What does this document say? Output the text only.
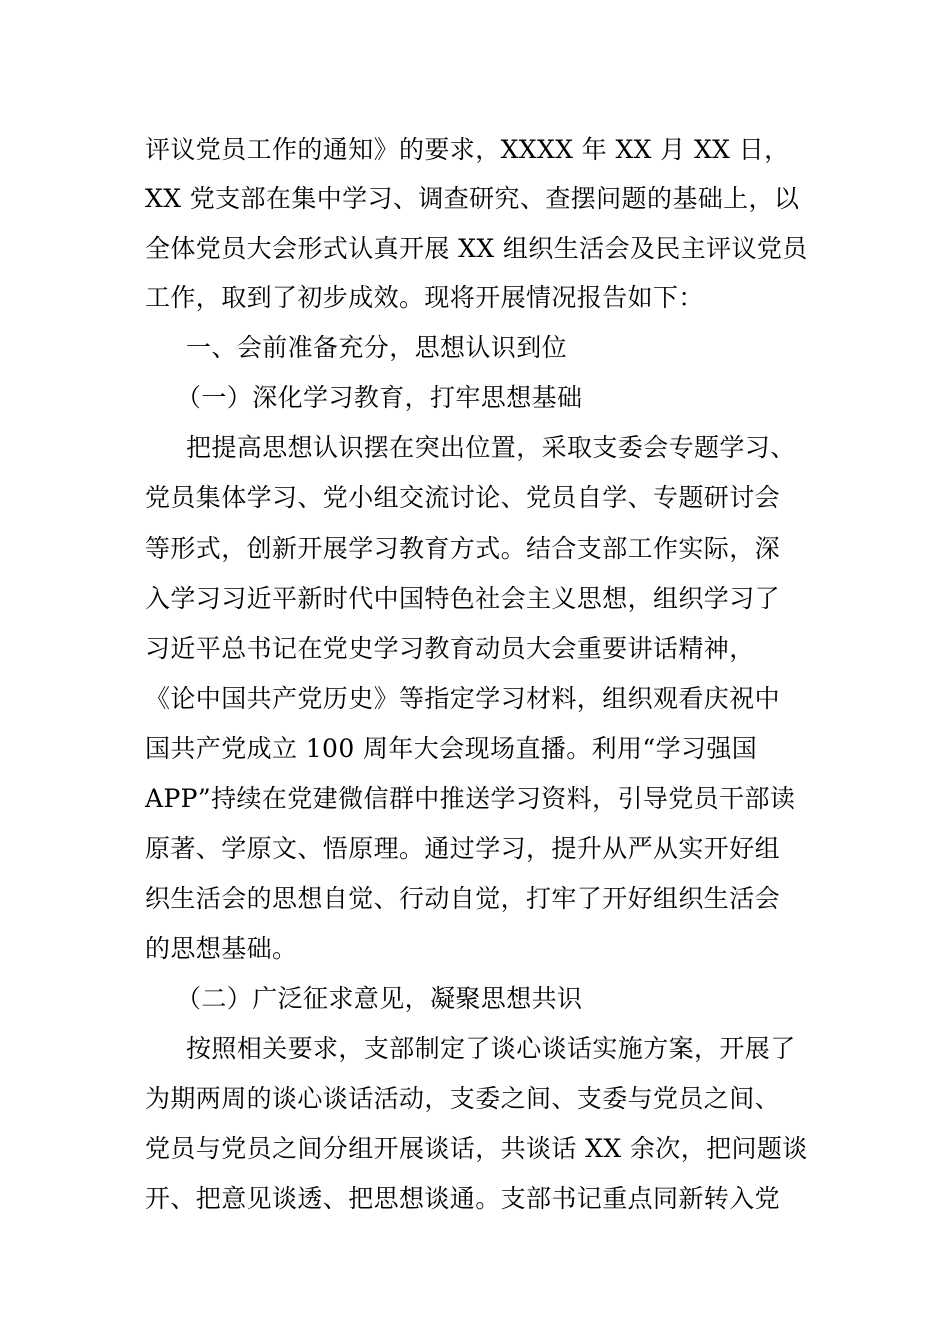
评议党员工作的通知》的要求，XXXX 年 XX 月 XX 日，
XX 党支部在集中学习、调查研究、查摆问题的基础上，以
全体党员大会形式认真开展 XX 组织生活会及民主评议党员
工作，取到了初步成效。现将开展情况报告如下：
一、会前准备充分，思想认识到位
（一）深化学习教育，打牢思想基础
把提高思想认识摆在突出位置，采取支委会专题学习、
党员集体学习、党小组交流讨论、党员自学、专题研讨会
等形式，创新开展学习教育方式。结合支部工作实际，深
入学习习近平新时代中国特色社会主义思想，组织学习了
习近平总书记在党史学习教育动员大会重要讲话精神，
《论中国共产党历史》等指定学习材料，组织观看庆祝中
国共产党成立 100 周年大会现场直播。利用“学习强国
APP”持续在党建微信群中推送学习资料，引导党员干部读
原著、学原文、悟原理。通过学习，提升从严从实开好组
织生活会的思想自觉、行动自觉，打牢了开好组织生活会
的思想基础。
（二）广泛征求意见，凝聚思想共识
按照相关要求，支部制定了谈心谈话实施方案，开展了
为期两周的谈心谈话活动，支委之间、支委与党员之间、
党员与党员之间分组开展谈话，共谈话 XX 余次，把问题谈
开、把意见谈透、把思想谈通。支部书记重点同新转入党
